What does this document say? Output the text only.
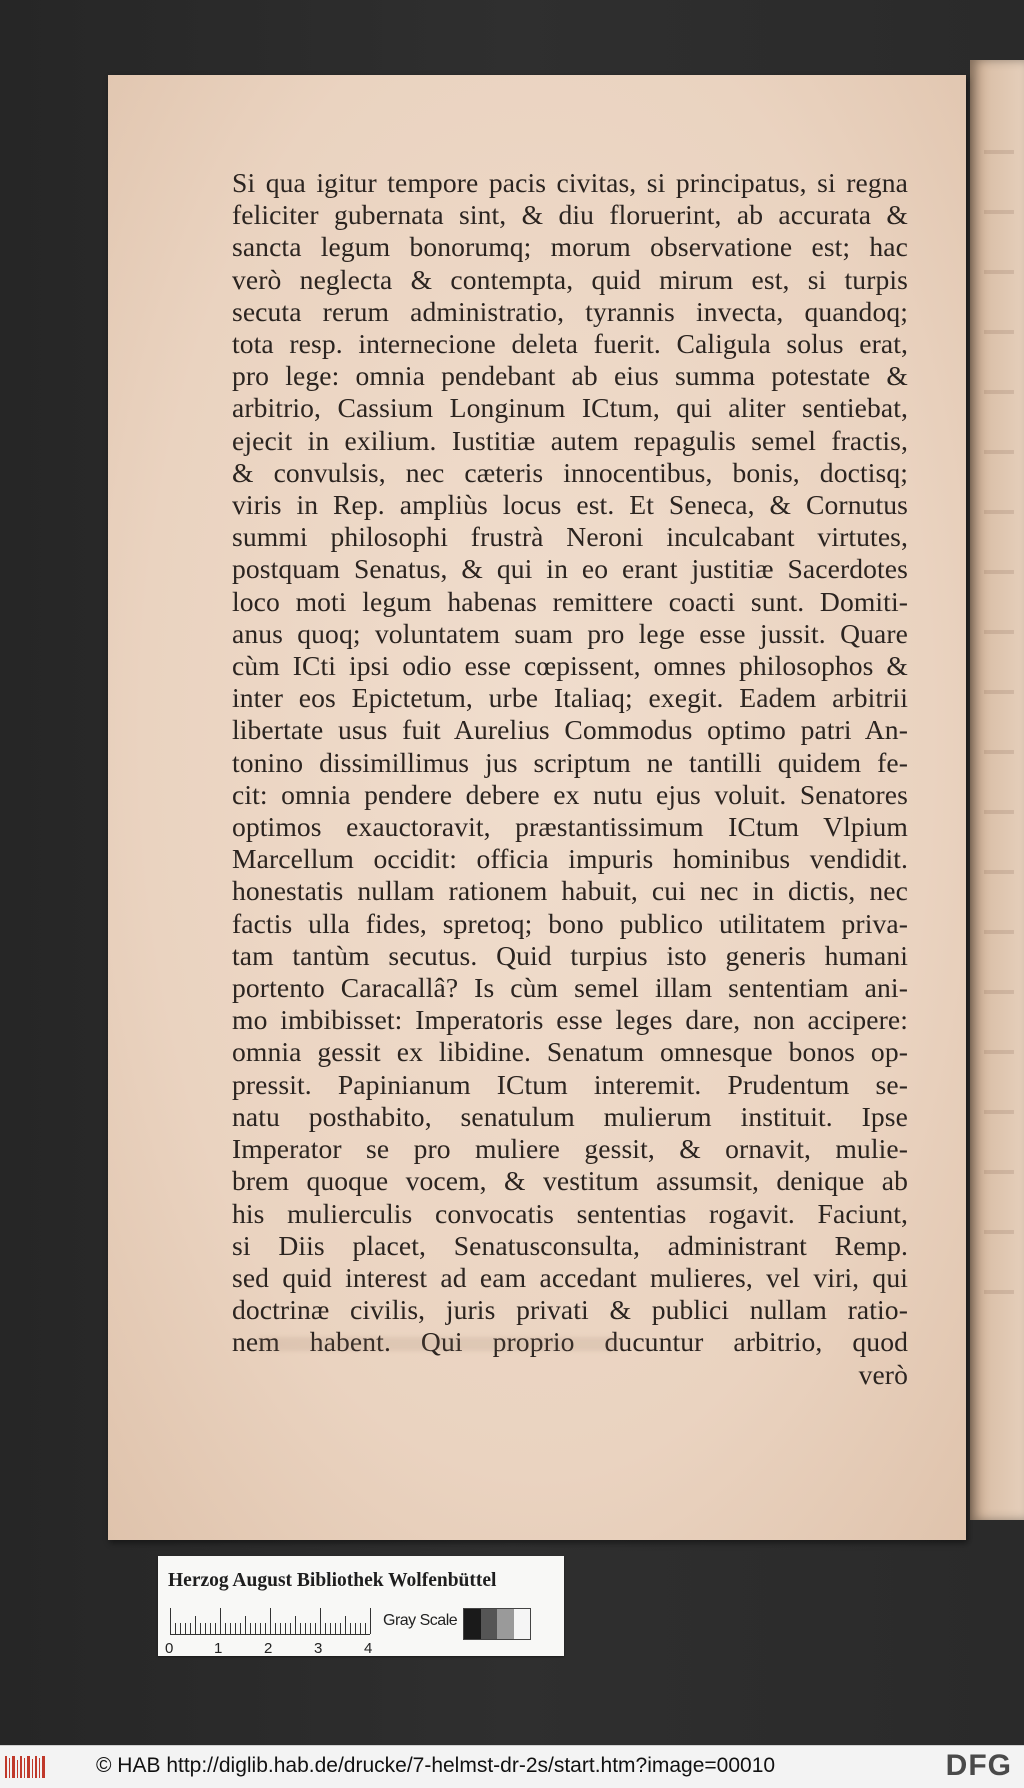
Si qua igitur tempore pacis civitas, si principatus, si regna
feliciter gubernata sint, & diu floruerint, ab accurata &
sancta legum bonorumq; morum observatione est; hac
verò neglecta & contempta, quid mirum est, si turpis
secuta rerum administratio, tyrannis invecta, quandoq;
tota resp. internecione deleta fuerit. Caligula solus erat,
pro lege: omnia pendebant ab eius summa potestate &
arbitrio, Cassium Longinum ICtum, qui aliter sentiebat,
ejecit in exilium. Iustitiæ autem repagulis semel fractis,
& convulsis, nec cæteris innocentibus, bonis, doctisq;
viris in Rep. ampliùs locus est. Et Seneca, & Cornutus
summi philosophi frustrà Neroni inculcabant virtutes,
postquam Senatus, & qui in eo erant justitiæ Sacerdotes
loco moti legum habenas remittere coacti sunt. Domiti-
anus quoq; voluntatem suam pro lege esse jussit. Quare
cùm ICti ipsi odio esse cœpissent, omnes philosophos &
inter eos Epictetum, urbe Italiaq; exegit. Eadem arbitrii
libertate usus fuit Aurelius Commodus optimo patri An-
tonino dissimillimus jus scriptum ne tantilli quidem fe-
cit: omnia pendere debere ex nutu ejus voluit. Senatores
optimos exauctoravit, præstantissimum ICtum Vlpium
Marcellum occidit: officia impuris hominibus vendidit.
honestatis nullam rationem habuit, cui nec in dictis, nec
factis ulla fides, spretoq; bono publico utilitatem priva-
tam tantùm secutus. Quid turpius isto generis humani
portento Caracallâ? Is cùm semel illam sententiam ani-
mo imbibisset: Imperatoris esse leges dare, non accipere:
omnia gessit ex libidine. Senatum omnesque bonos op-
pressit. Papinianum ICtum interemit. Prudentum se-
natu posthabito, senatulum mulierum instituit. Ipse
Imperator se pro muliere gessit, & ornavit, mulie-
brem quoque vocem, & vestitum assumsit, denique ab
his mulierculis convocatis sententias rogavit. Faciunt,
si Diis placet, Senatusconsulta, administrant Remp.
sed quid interest ad eam accedant mulieres, vel viri, qui
doctrinæ civilis, juris privati & publici nullam ratio-
nem habent. Qui proprio ducuntur arbitrio, quod
verò
Herzog August Bibliothek Wolfenbüttel
0	1	2	3	4
Gray Scale
© HAB http://diglib.hab.de/drucke/7-helmst-dr-2s/start.htm?image=00010	DFG
